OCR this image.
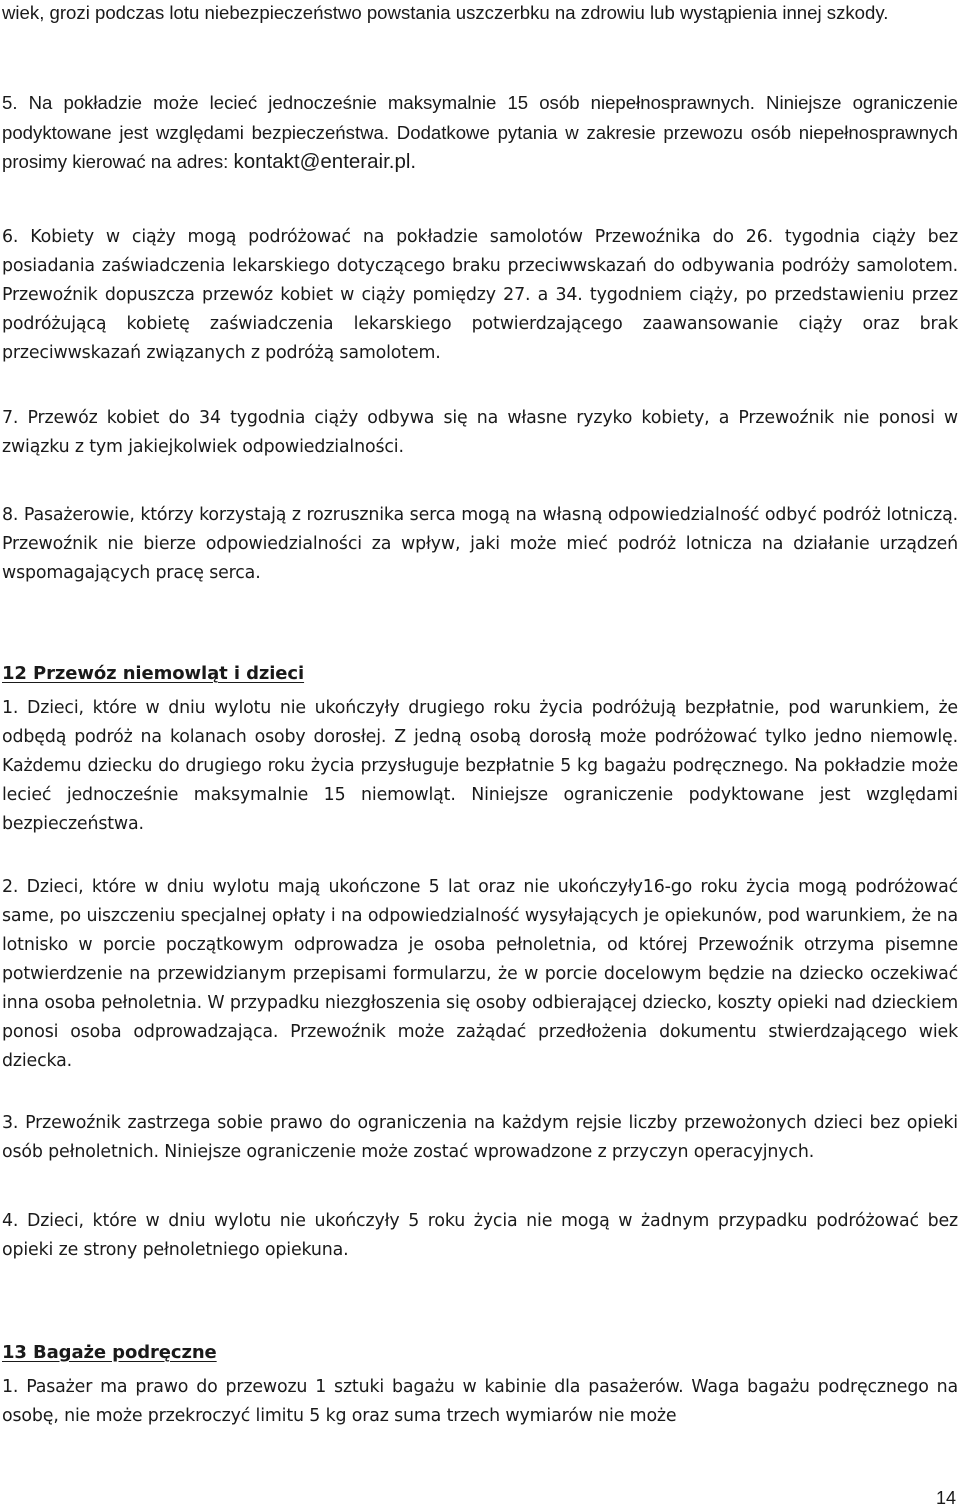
wiek, grozi podczas lotu niebezpieczeństwo powstania uszczerbku na zdrowiu lub wystąpienia innej szkody.

5. Na pokładzie może lecieć jednocześnie maksymalnie 15 osób niepełnosprawnych. Niniejsze ograniczenie podyktowane jest względami bezpieczeństwa. Dodatkowe pytania w zakresie przewozu osób niepełnosprawnych prosimy kierować na adres: kontakt@enterair.pl.

6. Kobiety w ciąży mogą podróżować na pokładzie samolotów Przewoźnika do 26. tygodnia ciąży bez posiadania zaświadczenia lekarskiego dotyczącego braku przeciwwskazań do odbywania podróży samolotem. Przewoźnik dopuszcza przewóz kobiet w ciąży pomiędzy 27. a 34. tygodniem ciąży, po przedstawieniu przez podróżującą kobietę zaświadczenia lekarskiego potwierdzającego zaawansowanie ciąży oraz brak przeciwwskazań związanych z podróżą samolotem.

7. Przewóz kobiet do 34 tygodnia ciąży odbywa się na własne ryzyko kobiety, a Przewoźnik nie ponosi w związku z tym jakiejkolwiek odpowiedzialności.

8. Pasażerowie, którzy korzystają z rozrusznika serca mogą na własną odpowiedzialność odbyć podróż lotniczą. Przewoźnik nie bierze odpowiedzialności za wpływ, jaki może mieć podróż lotnicza na działanie urządzeń wspomagających pracę serca.

12 Przewóz niemowląt i dzieci

1. Dzieci, które w dniu wylotu nie ukończyły drugiego roku życia podróżują bezpłatnie, pod warunkiem, że odbędą podróż na kolanach osoby dorosłej. Z jedną osobą dorosłą może podróżować tylko jedno niemowlę. Każdemu dziecku do drugiego roku życia przysługuje bezpłatnie 5 kg bagażu podręcznego. Na pokładzie może lecieć jednocześnie maksymalnie 15 niemowląt. Niniejsze ograniczenie podyktowane jest względami bezpieczeństwa.

2. Dzieci, które w dniu wylotu mają ukończone 5 lat oraz nie ukończyły16-go roku życia mogą podróżować same, po uiszczeniu specjalnej opłaty i na odpowiedzialność wysyłających je opiekunów, pod warunkiem, że na lotnisko w porcie początkowym odprowadza je osoba pełnoletnia, od której Przewoźnik otrzyma pisemne potwierdzenie na przewidzianym przepisami formularzu, że w porcie docelowym będzie na dziecko oczekiwać inna osoba pełnoletnia. W przypadku niezgłoszenia się osoby odbierającej dziecko, koszty opieki nad dzieckiem ponosi osoba odprowadzająca. Przewoźnik może zażądać przedłożenia dokumentu stwierdzającego wiek dziecka.

3. Przewoźnik zastrzega sobie prawo do ograniczenia na każdym rejsie liczby przewożonych dzieci bez opieki osób pełnoletnich. Niniejsze ograniczenie może zostać wprowadzone z przyczyn operacyjnych.

4. Dzieci, które w dniu wylotu nie ukończyły 5 roku życia nie mogą w żadnym przypadku podróżować bez opieki ze strony pełnoletniego opiekuna.

13 Bagaże podręczne

1. Pasażer ma prawo do przewozu 1 sztuki bagażu w kabinie dla pasażerów. Waga bagażu podręcznego na osobę, nie może przekroczyć limitu 5 kg oraz suma trzech wymiarów nie może

14
